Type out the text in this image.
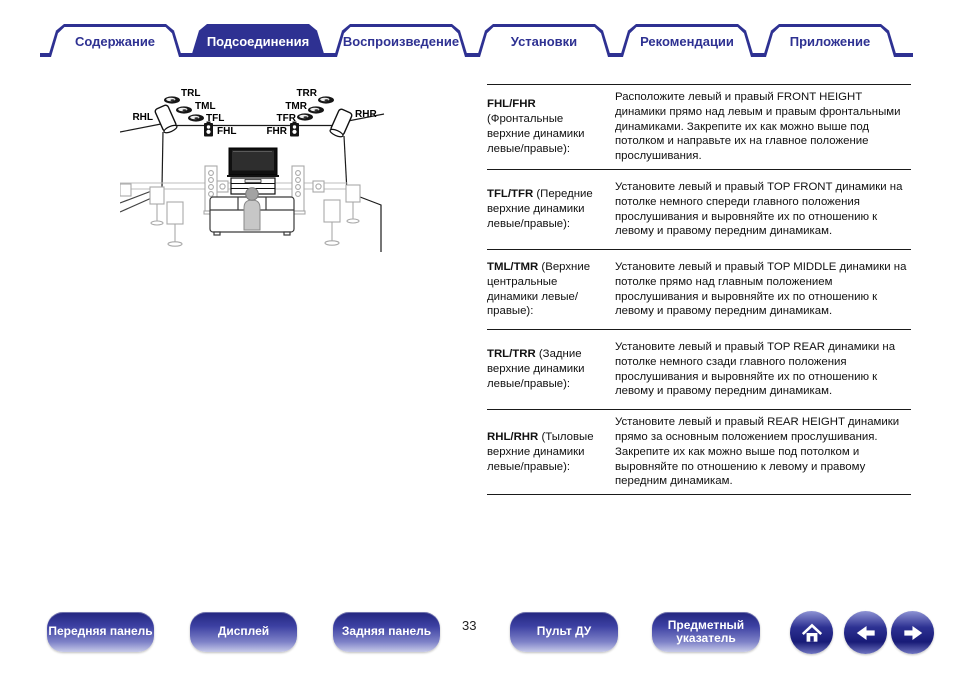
Содержание	Подсоединения	Воспроизведение	Установки	Рекомендации	Приложение
TRL
TML
TFL
FHL
RHL
TRR
TMR
TFR
FHR
RHR
FHL/FHR (Фронтальные верхние динамики левые/правые):
Расположите левый и правый FRONT HEIGHT динамики прямо над левым и правым фронтальными динамиками. Закрепите их как можно выше под потолком и направьте их на главное положение прослушивания.
TFL/TFR (Передние верхние динамики левые/правые):
Установите левый и правый TOP FRONT динамики на потолке немного спереди главного положения прослушивания и выровняйте их по отношению к левому и правому передним динамикам.
TML/TMR (Верхние центральные динамики левые/ правые):
Установите левый и правый TOP MIDDLE динамики на потолке прямо над главным положением прослушивания и выровняйте их по отношению к левому и правому передним динамикам.
TRL/TRR (Задние верхние динамики левые/правые):
Установите левый и правый TOP REAR динамики на потолке немного сзади главного положения прослушивания и выровняйте их по отношению к левому и правому передним динамикам.
RHL/RHR (Тыловые верхние динамики левые/правые):
Установите левый и правый REAR HEIGHT динамики прямо за основным положением прослушивания. Закрепите их как можно выше под потолком и выровняйте по отношению к левому и правому передним динамикам.
Передняя панель	Дисплей	Задняя панель 33	Пульт ДУ	Предметный указатель
